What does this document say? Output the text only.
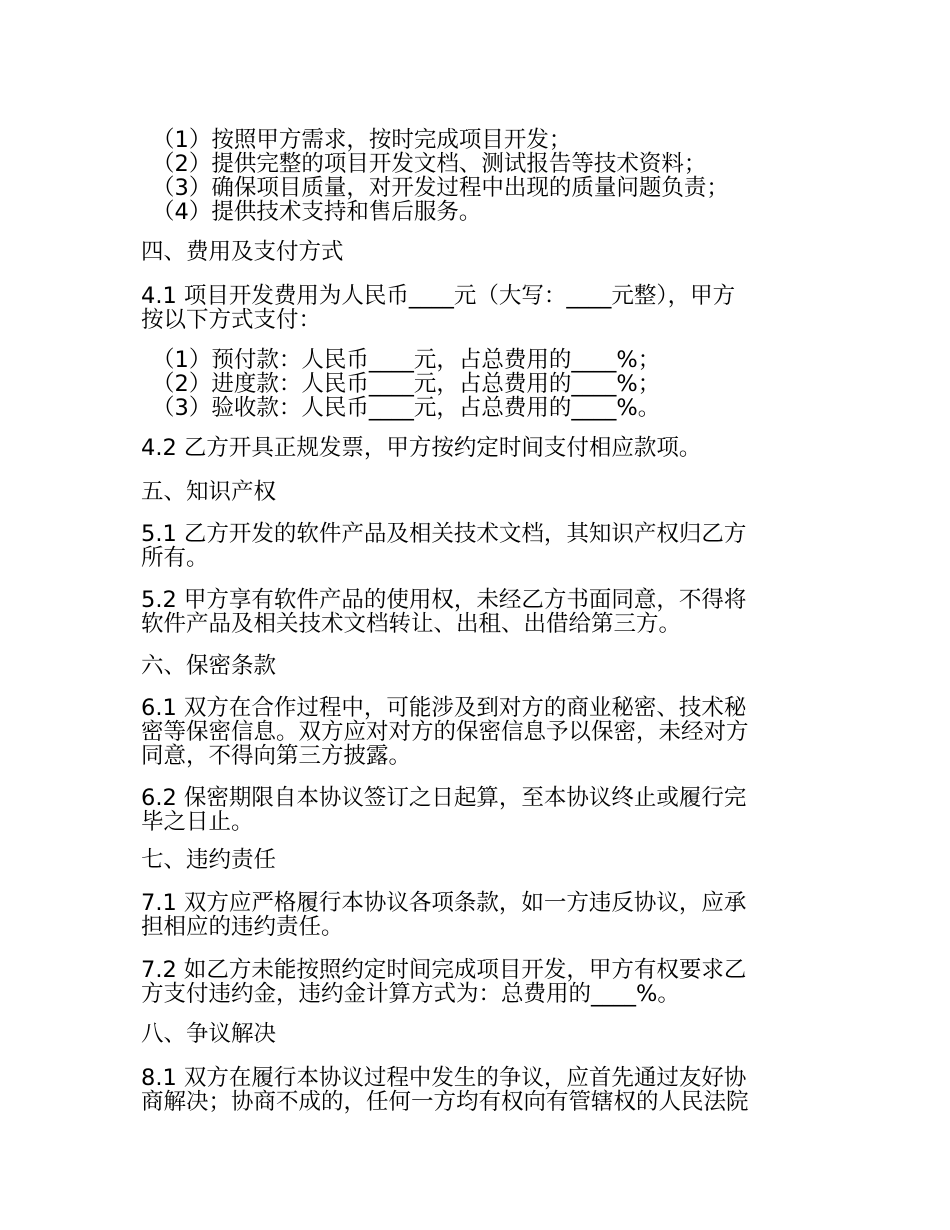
（1）按照甲方需求，按时完成项目开发；

（2）提供完整的项目开发文档、测试报告等技术资料；

（3）确保项目质量，对开发过程中出现的质量问题负责；

（4）提供技术支持和售后服务。

四、费用及支付方式

4.1 项目开发费用为人民币____元（大写：____元整），甲方

按以下方式支付：

（1）预付款：人民币____元，占总费用的____%；

（2）进度款：人民币____元，占总费用的____%；

（3）验收款：人民币____元，占总费用的____%。

4.2 乙方开具正规发票，甲方按约定时间支付相应款项。

五、知识产权

5.1 乙方开发的软件产品及相关技术文档，其知识产权归乙方

所有。

5.2 甲方享有软件产品的使用权，未经乙方书面同意，不得将

软件产品及相关技术文档转让、出租、出借给第三方。

六、保密条款

6.1 双方在合作过程中，可能涉及到对方的商业秘密、技术秘

密等保密信息。双方应对对方的保密信息予以保密，未经对方

同意，不得向第三方披露。

6.2 保密期限自本协议签订之日起算，至本协议终止或履行完

毕之日止。

七、违约责任

7.1 双方应严格履行本协议各项条款，如一方违反协议，应承

担相应的违约责任。

7.2 如乙方未能按照约定时间完成项目开发，甲方有权要求乙

方支付违约金，违约金计算方式为：总费用的____%。

八、争议解决

8.1 双方在履行本协议过程中发生的争议，应首先通过友好协

商解决；协商不成的，任何一方均有权向有管辖权的人民法院
